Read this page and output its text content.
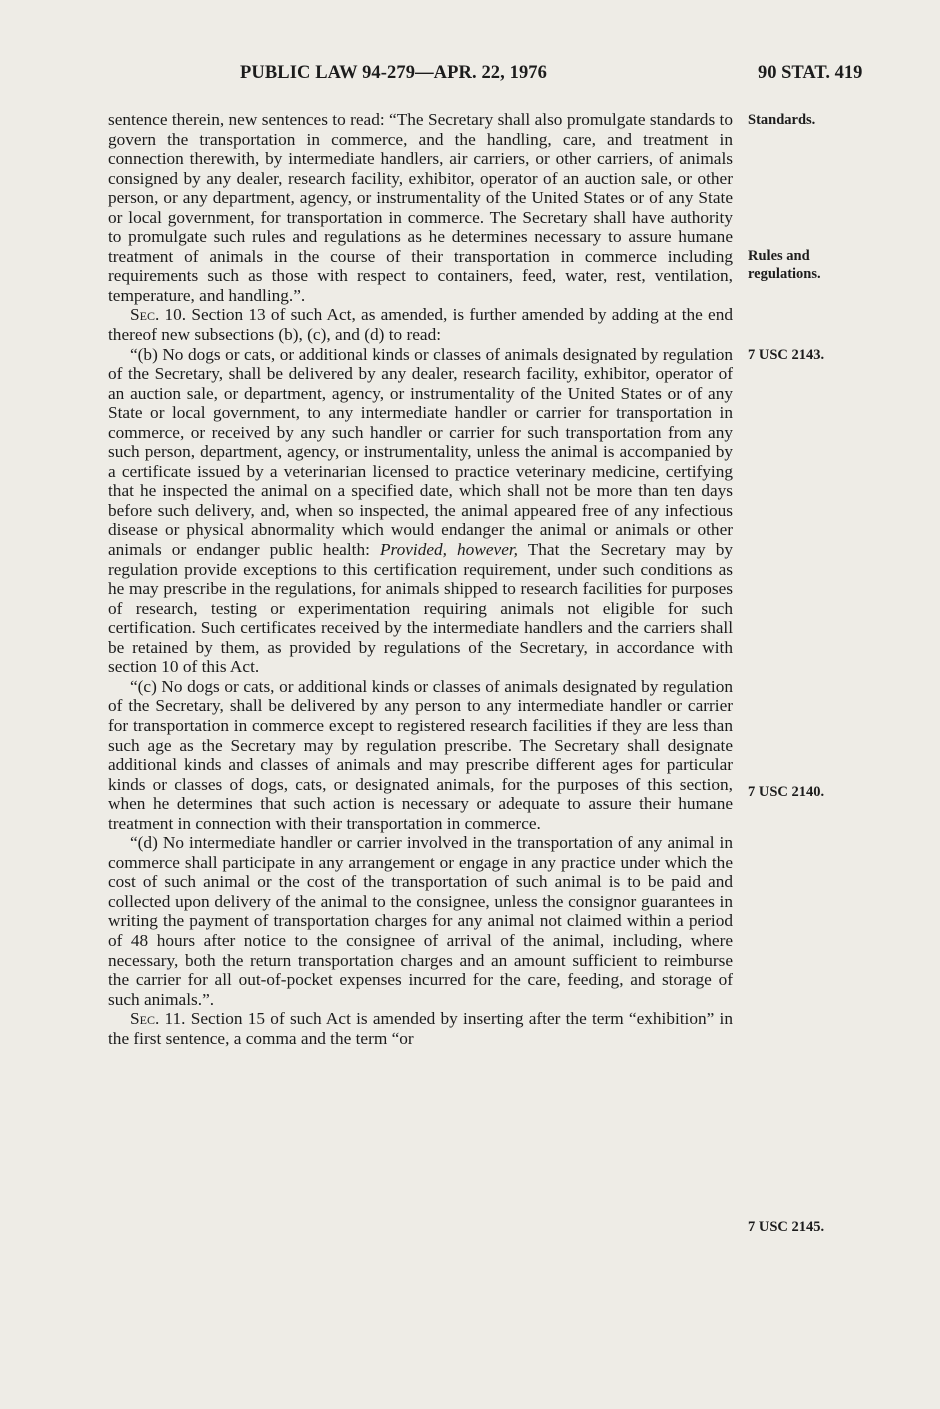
PUBLIC LAW 94-279—APR. 22, 1976	90 STAT. 419

sentence therein, new sentences to read: “The Secretary shall also promulgate standards to govern the transportation in commerce, and the handling, care, and treatment in connection therewith, by intermediate handlers, air carriers, or other carriers, of animals consigned by any dealer, research facility, exhibitor, operator of an auction sale, or other person, or any department, agency, or instrumentality of the United States or of any State or local government, for transportation in commerce. The Secretary shall have authority to promulgate such rules and regulations as he determines necessary to assure humane treatment of animals in the course of their transportation in commerce including requirements such as those with respect to containers, feed, water, rest, ventilation, temperature, and handling.”.

Sec. 10. Section 13 of such Act, as amended, is further amended by adding at the end thereof new subsections (b), (c), and (d) to read:

“(b) No dogs or cats, or additional kinds or classes of animals designated by regulation of the Secretary, shall be delivered by any dealer, research facility, exhibitor, operator of an auction sale, or department, agency, or instrumentality of the United States or of any State or local government, to any intermediate handler or carrier for transportation in commerce, or received by any such handler or carrier for such transportation from any such person, department, agency, or instrumentality, unless the animal is accompanied by a certificate issued by a veterinarian licensed to practice veterinary medicine, certifying that he inspected the animal on a specified date, which shall not be more than ten days before such delivery, and, when so inspected, the animal appeared free of any infectious disease or physical abnormality which would endanger the animal or animals or other animals or endanger public health: Provided, however, That the Secretary may by regulation provide exceptions to this certification requirement, under such conditions as he may prescribe in the regulations, for animals shipped to research facilities for purposes of research, testing or experimentation requiring animals not eligible for such certification. Such certificates received by the intermediate handlers and the carriers shall be retained by them, as provided by regulations of the Secretary, in accordance with section 10 of this Act.

“(c) No dogs or cats, or additional kinds or classes of animals designated by regulation of the Secretary, shall be delivered by any person to any intermediate handler or carrier for transportation in commerce except to registered research facilities if they are less than such age as the Secretary may by regulation prescribe. The Secretary shall designate additional kinds and classes of animals and may prescribe different ages for particular kinds or classes of dogs, cats, or designated animals, for the purposes of this section, when he determines that such action is necessary or adequate to assure their humane treatment in connection with their transportation in commerce.

“(d) No intermediate handler or carrier involved in the transportation of any animal in commerce shall participate in any arrangement or engage in any practice under which the cost of such animal or the cost of the transportation of such animal is to be paid and collected upon delivery of the animal to the consignee, unless the consignor guarantees in writing the payment of transportation charges for any animal not claimed within a period of 48 hours after notice to the consignee of arrival of the animal, including, where necessary, both the return transportation charges and an amount sufficient to reimburse the carrier for all out-of-pocket expenses incurred for the care, feeding, and storage of such animals.”.

Sec. 11. Section 15 of such Act is amended by inserting after the term “exhibition” in the first sentence, a comma and the term “or

Standards.
Rules and
regulations.
7 USC 2143.
7 USC 2140.
7 USC 2145.
